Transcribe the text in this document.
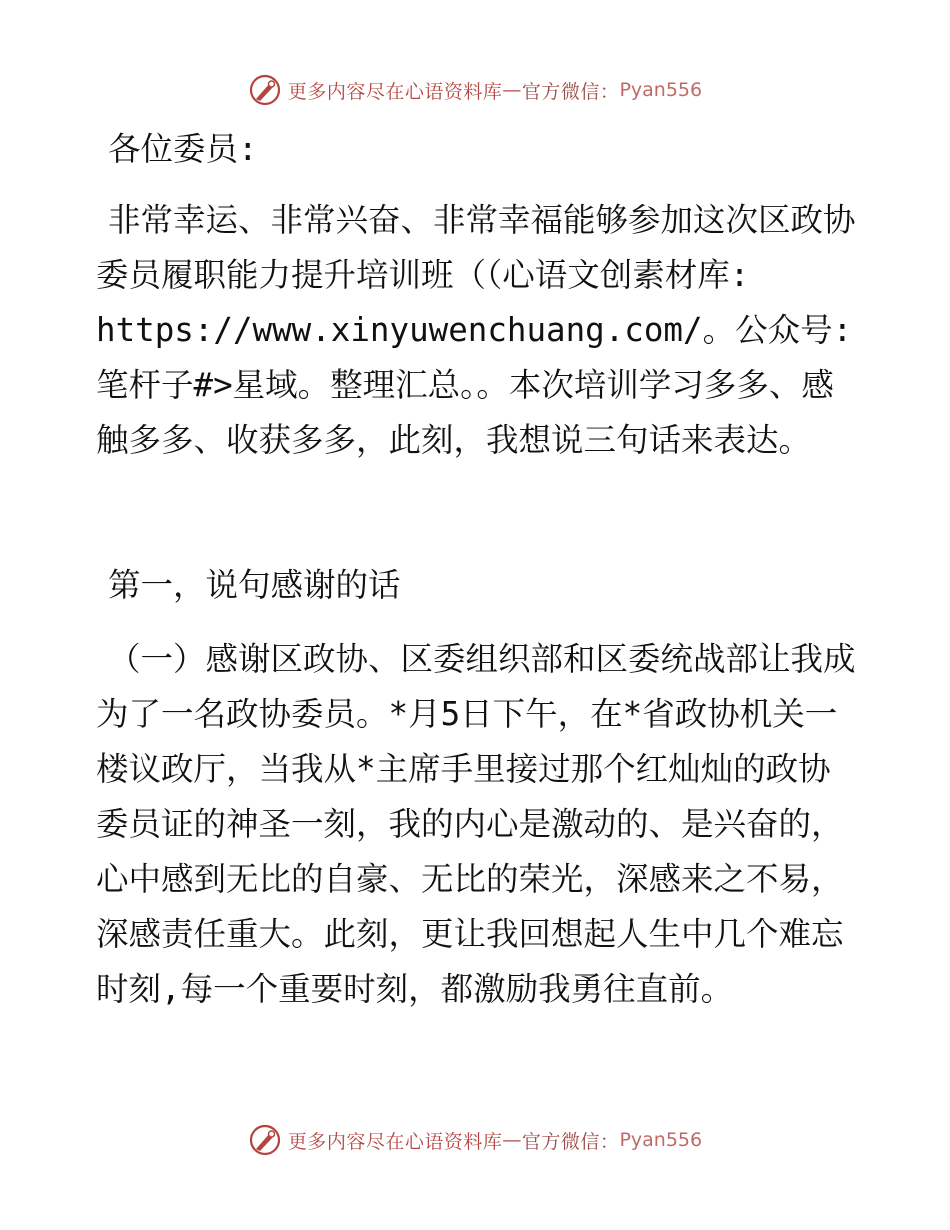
更多内容尽在心语资料库 — 官方微信： Pyan556

各位委员:

非常幸运、非常兴奋、非常幸福能够参加这次区政协委员履职能力提升培训班（（心语文创素材库: https://www.xinyuwenchuang.com/。公众号: 笔杆子#>星域。整理汇总。。本次培训学习多多、感触多多、收获多多，此刻，我想说三句话来表达。

第一，说句感谢的话

（一）感谢区政协、区委组织部和区委统战部让我成为了一名政协委员。*月5日下午，在*省政协机关一楼议政厅，当我从*主席手里接过那个红灿灿的政协委员证的神圣一刻，我的内心是激动的、是兴奋的，心中感到无比的自豪、无比的荣光，深感来之不易，深感责任重大。此刻，更让我回想起人生中几个难忘时刻,每一个重要时刻，都激励我勇往直前。

更多内容尽在心语资料库 — 官方微信： Pyan556
